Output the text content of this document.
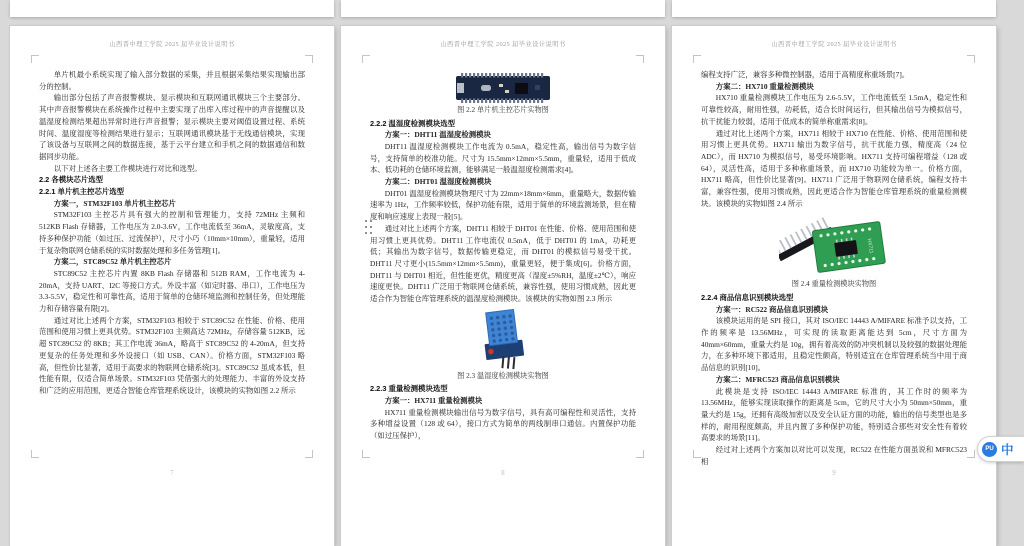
山西晋中理工学院 2025 届毕业设计说明书

单片机最小系统实现了输入部分数据的采集，并且根据采集结果实现输出部分的控制。

输出部分包括了声音报警模块、显示模块和互联网通讯模块三个主要部分。其中声音报警模块在系统操作过程中主要实现了出库入库过程中的声音提醒以及温湿度检测结果超出异常时进行声音报警；显示模块主要对阈值设置过程、系统时间、温度湿度等检测结果进行显示；互联网通讯模块基于无线通信模块，实现了该设备与互联网之间的数据连接，基于云平台建立和手机之间的数据通信和数据同步功能。

以下对上述各主要工作模块进行对比和选型。

2.2 各模块芯片选型

2.2.1 单片机主控芯片选型

方案一，STM32F103 单片机主控芯片

STM32F103 主控芯片具有强大的控制和管理能力，支持 72MHz 主频和 512KB Flash 存储器，工作电压为 2.0-3.6V，工作电流低至 36mA，灵敏度高，支持多种保护功能（如过压、过流保护），尺寸小巧（10mm×10mm），重量轻，适用于复杂物联网仓储系统的实时数据处理和多任务管理[1]。

方案二，STC89C52 单片机主控芯片

STC89C52 主控芯片内置 8KB Flash 存储器和 512B RAM，工作电流为 4-20mA，支持 UART、I2C 等接口方式。外设丰富（如定时器、串口），工作电压为 3.3-5.5V，稳定性和可靠性高，适用于简单的仓储环境监测和控制任务，但处理能力和存储容量有限[2]。

通过对比上述两个方案，STM32F103 相较于 STC89C52 在性能、价格、使用范围和使用习惯上更具优势。STM32F103 主频高达 72MHz，存储容量 512KB，远超 STC89C52 的 8KB；其工作电流 36mA，略高于 STC89C52 的 4-20mA，但支持更复杂的任务处理和多外设接口（如 USB、CAN）。价格方面，STM32F103 略高，但性价比显著，适用于高要求的物联网仓储系统[3]。STC89C52 虽成本低，但性能有限，仅适合简单场景。STM32F103 凭借强大的处理能力、丰富的外设支持和广泛的应用范围，更适合智能仓库管理系统设计，该模块的实物如图 2.2 所示

7
山西晋中理工学院 2025 届毕业设计说明书
图 2.2 单片机主控芯片实物图

2.2.2 温湿度检测模块选型

方案一：DHT11 温湿度检测模块

DHT11 温湿度检测模块工作电流为 0.5mA，稳定性高，输出信号为数字信号，支持简单的校准功能。尺寸为 15.5mm×12mm×5.5mm，重量轻，适用于低成本、低功耗的仓储环境监测，能够满足一般温湿度检测需求[4]。

方案二：DHT01 温湿度检测模块

DHT01 温湿度检测模块物理尺寸为 22mm×18mm×6mm，重量略大，数据传输速率为 1Hz，工作频率较低，保护功能有限，适用于简单的环境监测场景，但在精度和响应速度上表现一般[5]。

通过对比上述两个方案，DHT11 相较于 DHT01 在性能、价格、使用范围和使用习惯上更具优势。DHT11 工作电流仅 0.5mA，低于 DHT01 的 1mA，功耗更低；其输出为数字信号，数据传输更稳定，而 DHT01 的模拟信号易受干扰。DHT11 尺寸更小(15.5mm×12mm×5.5mm)，重量更轻，便于集成[6]。价格方面，DHT11 与 DHT01 相近，但性能更优，精度更高（湿度±5%RH，温度±2℃），响应速度更快。DHT11 广泛用于物联网仓储系统，兼容性强，使用习惯成熟，因此更适合作为智能仓库管理系统的温湿度检测模块。该模块的实物如图 2.3 所示

图 2.3 温湿度检测模块实物图

2.2.3 重量检测模块选型

方案一：HX711 重量检测模块

HX711 重量检测模块输出信号为数字信号，具有高可编程性和灵活性，支持多种增益设置（128 或 64），接口方式为简单的两线制串口通信。内置保护功能（如过压保护），

8
山西晋中理工学院 2025 届毕业设计说明书

编程支持广泛，兼容多种微控制器，适用于高精度称重场景[7]。

方案二：HX710 重量检测模块

HX710 重量检测模块工作电压为 2.6-5.5V，工作电流低至 1.5mA，稳定性和可靠性较高，耐用性强，功耗低，适合长时间运行，但其输出信号为模拟信号，抗干扰能力较弱，适用于低成本的简单称重需求[8]。

通过对比上述两个方案，HX711 相较于 HX710 在性能、价格、使用范围和使用习惯上更具优势。HX711 输出为数字信号，抗干扰能力强，精度高（24 位 ADC），而 HX710 为模拟信号，易受环境影响。HX711 支持可编程增益（128 或 64），灵活性高，适用于多种称重场景，而 HX710 功能较为单一。价格方面，HX711 略高，但性价比显著[9]。HX711 广泛用于物联网仓储系统，编程支持丰富，兼容性强，使用习惯成熟，因此更适合作为智能仓库管理系统的重量检测模块。该模块的实物如图 2.4 所示

HX711
图 2.4 重量检测模块实物图

2.2.4 商品信息识别模块选型

方案一：RC522 商品信息识别模块

该模块运用的是 SPI 接口，其对 ISO/IEC 14443 A/MIFARE 标准予以支持，工作的频率是 13.56MHz，可实现的读取距离能达到 5cm，尺寸方面为 40mm×60mm，重量大约是 10g，拥有着高效的防冲突机制以及较强的数据处理能力，在多种环境下都适用，且稳定性颇高，特别适宜在仓库管理系统当中用于商品信息的识别[10]。

方案二：MFRC523 商品信息识别模块

此模块是支持 ISO/IEC 14443 A/MIFARE 标准的，其工作时的频率为 13.56MHz，能够实现读取操作的距离是 5cm，它的尺寸大小为 50mm×50mm，重量大约是 15g，还拥有高级加密以及安全认证方面的功能，输出的信号类型也是多样的，耐用程度颇高，并且内置了多种保护功能，特别适合那些对安全性有着较高要求的场景[11]。

经过对上述两个方案加以对比可以发现，RC522 在性能方面虽说和 MFRC523 相

9
PU 中
